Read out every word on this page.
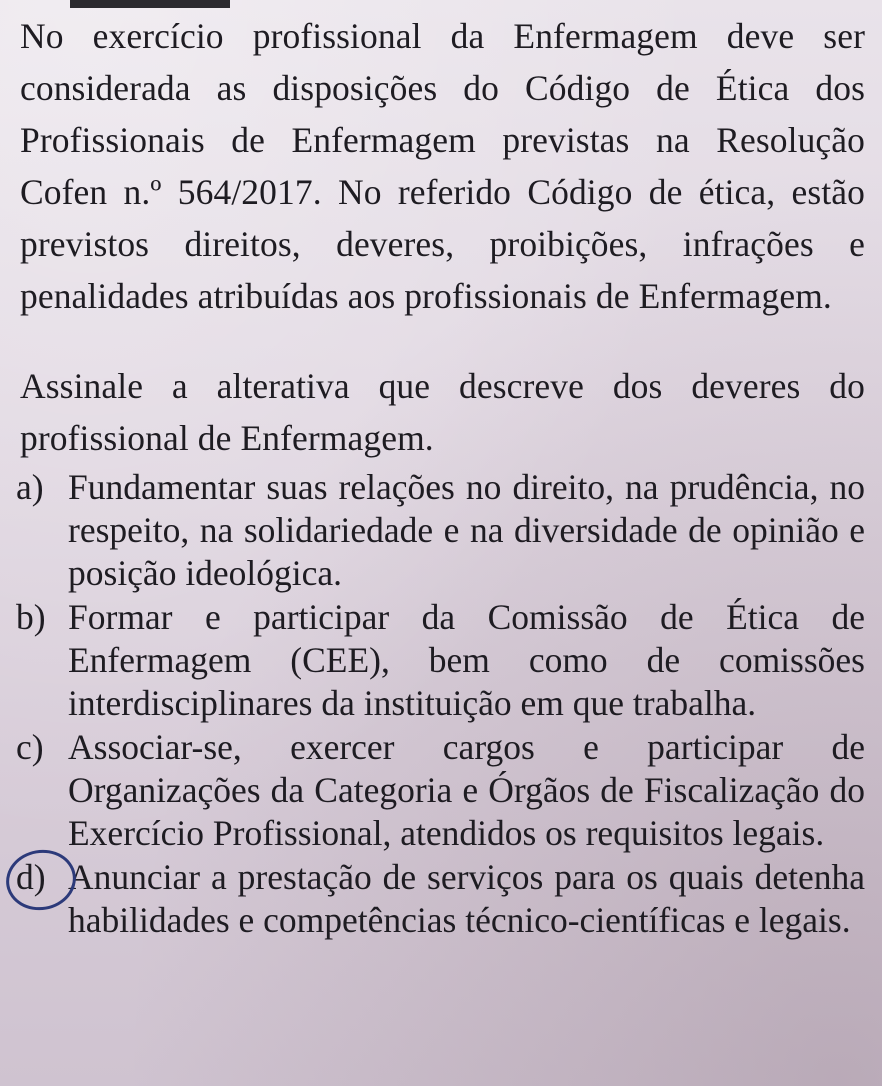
No exercício profissional da Enfermagem deve ser considerada as disposições do Código de Ética dos Profissionais de Enfermagem previstas na Resolução Cofen n.º 564/2017. No referido Código de ética, estão previstos direitos, deveres, proibições, infrações e penalidades atribuídas aos profissionais de Enfermagem.

Assinale a alterativa que descreve dos deveres do profissional de Enfermagem.

a) Fundamentar suas relações no direito, na prudência, no respeito, na solidariedade e na diversidade de opinião e posição ideológica.
b) Formar e participar da Comissão de Ética de Enfermagem (CEE), bem como de comissões interdisciplinares da instituição em que trabalha.
c) Associar-se, exercer cargos e participar de Organizações da Categoria e Órgãos de Fiscalização do Exercício Profissional, atendidos os requisitos legais.
d) Anunciar a prestação de serviços para os quais detenha habilidades e competências técnico-científicas e legais.
